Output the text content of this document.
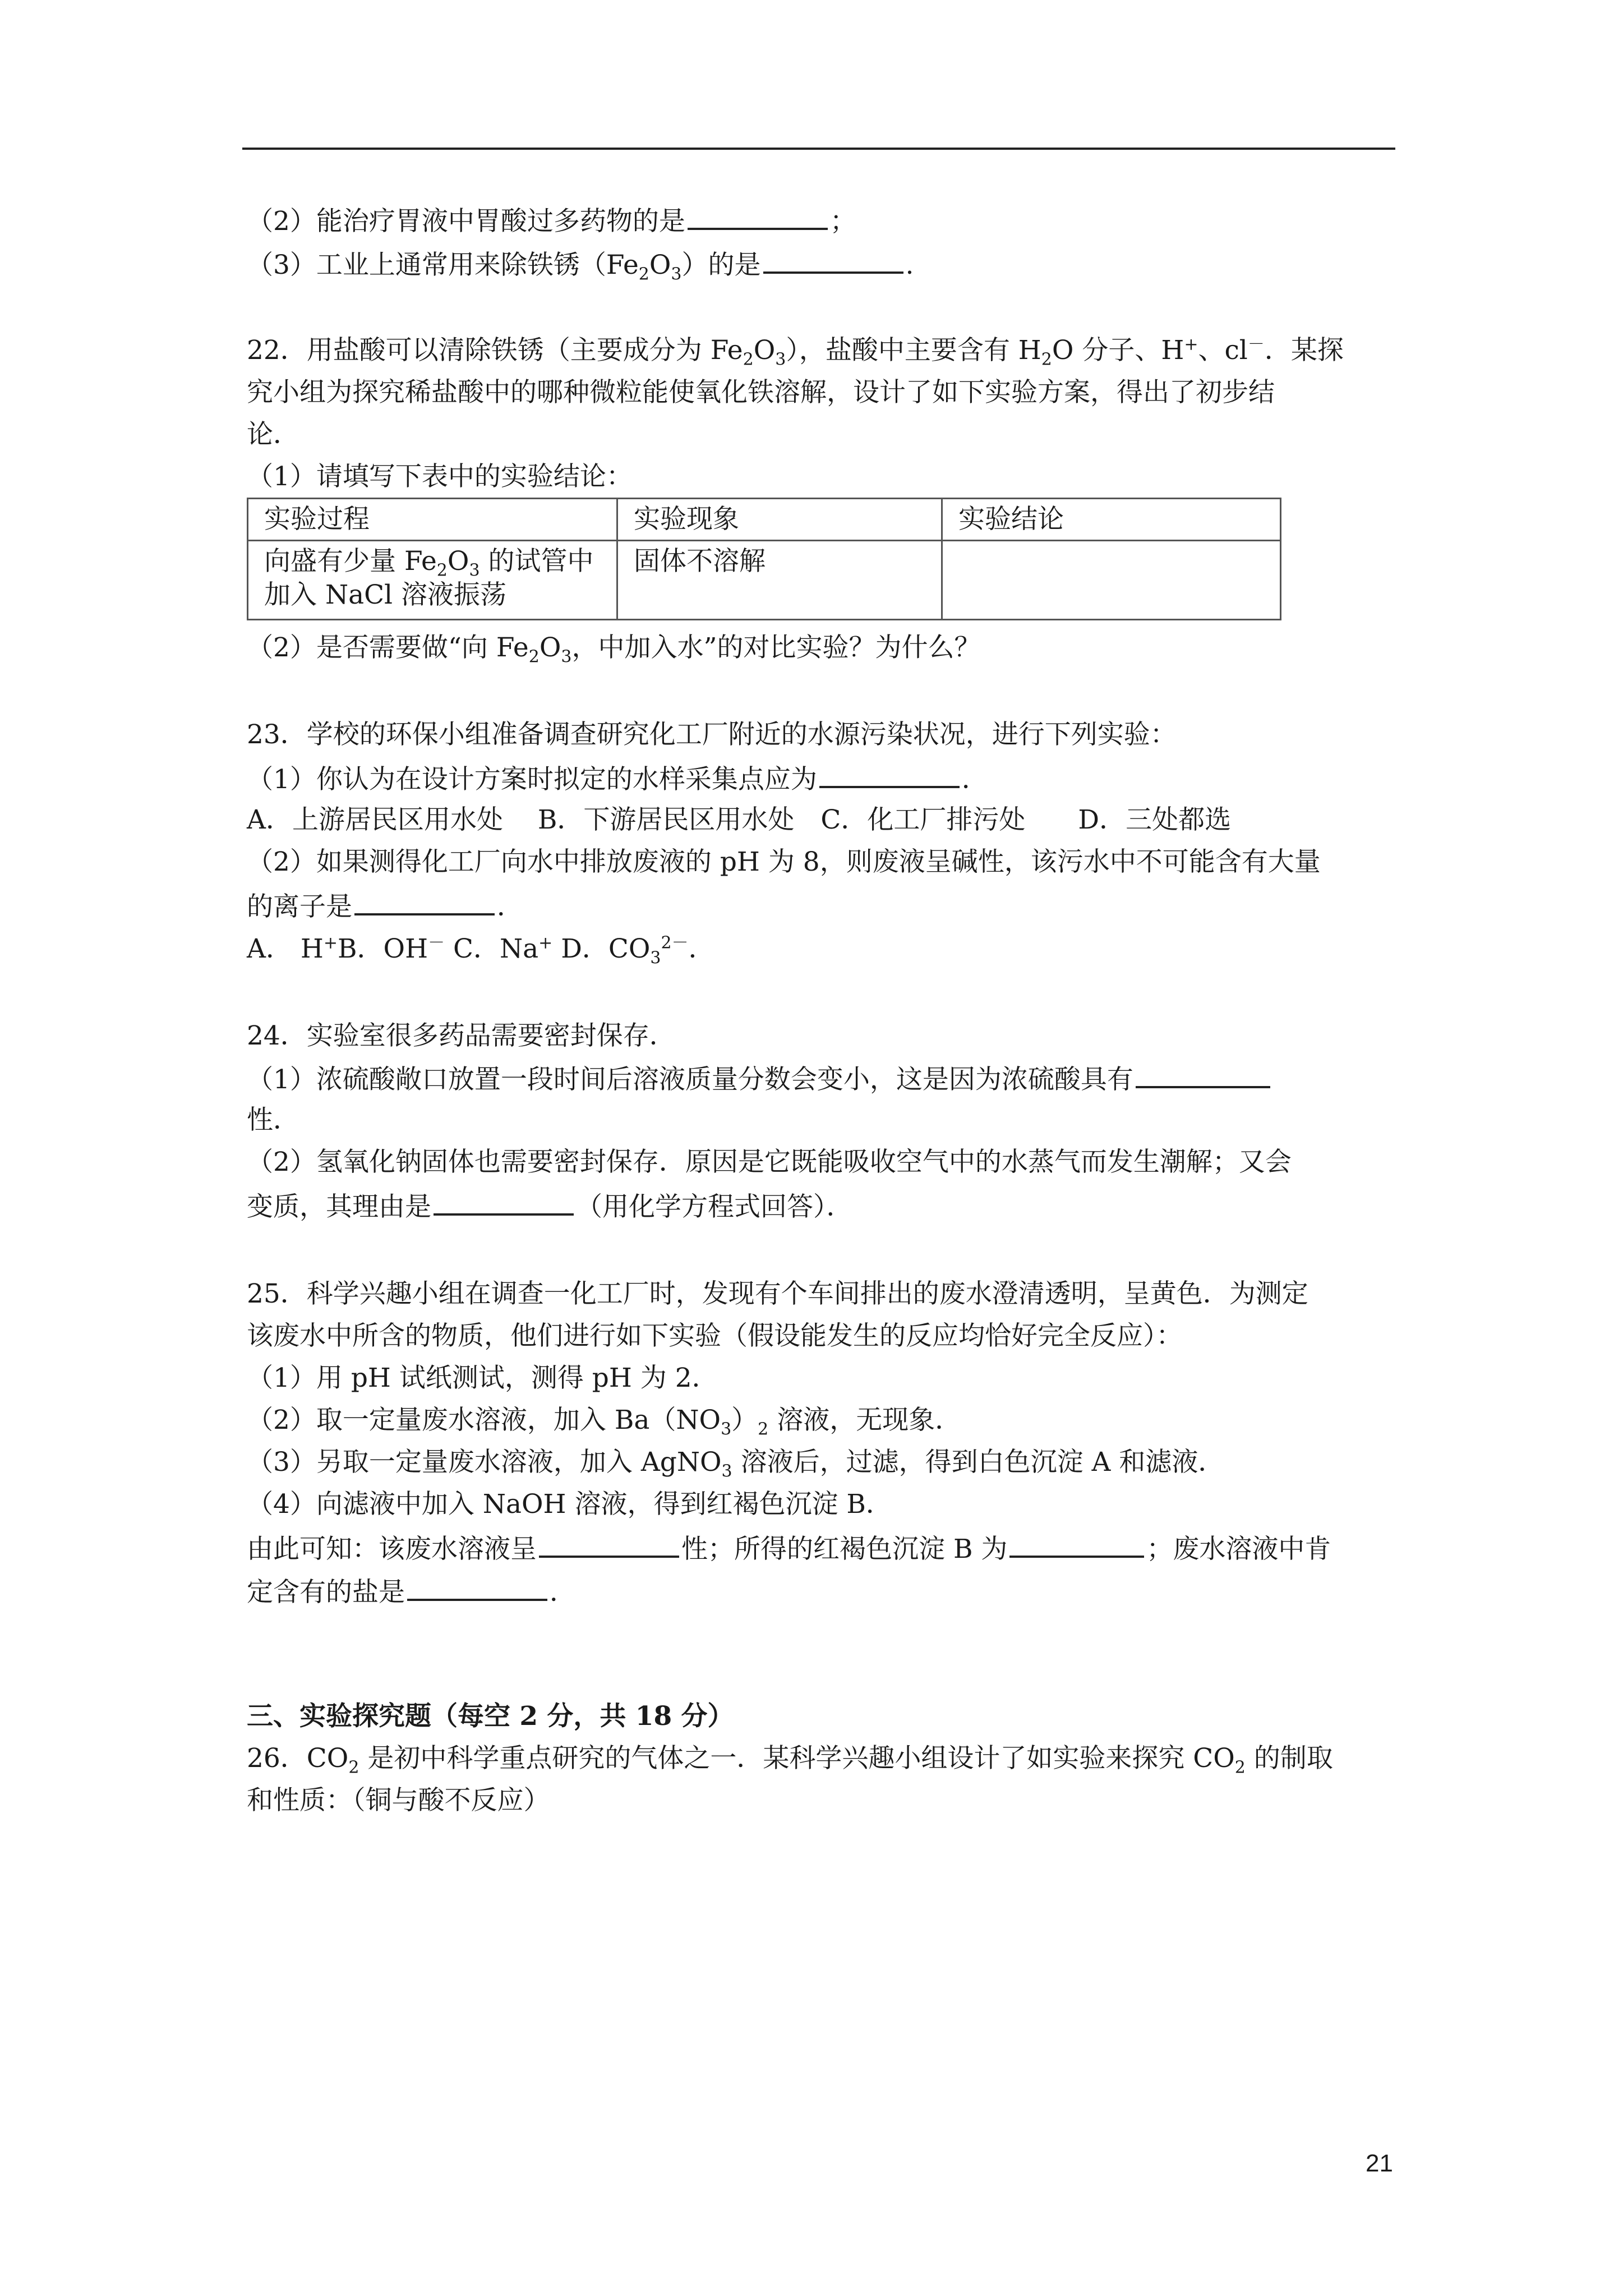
（2）能治疗胃液中胃酸过多药物的是	；
（3）工业上通常用来除铁锈$(Fe_2O_3)$的是	.
22．用盐酸可以清除铁锈（主要成分为 $Fe_2O_3$），盐酸中主要含有 $H_2O$ 分子、H+、cl－．某探
究小组为探究稀盐酸中的哪种微粒能使氧化铁溶解，设计了如下实验方案，得出了初步结
论．
（1）请填写下表中的实验结论：
实验过程	实验现象	实验结论
向盛有少量 $Fe_2O_3$ 的试管中
加入 NaCl 溶液振荡	固体不溶解	
（2）是否需要做“向 $Fe_2O_3$，中加入水”的对比实验？为什么？
23．学校的环保小组准备调查研究化工厂附近的水源污染状况，进行下列实验：
（1）你认为在设计方案时拟定的水样采集点应为	．
A．上游居民区用水处　 B．下游居民区用水处　C．化工厂排污处　　D．三处都选
（2）如果测得化工厂向水中排放废液的 pH 为 8，则废液呈碱性，该污水中不可能含有大量
的离子是	．
A． H+B．OH－ C．Na+ D．$CO_3^{2-}$．
24．实验室很多药品需要密封保存．
（1）浓硫酸敞口放置一段时间后溶液质量分数会变小，这是因为浓硫酸具有
性．
（2）氢氧化钠固体也需要密封保存．原因是它既能吸收空气中的水蒸气而发生潮解；又会
变质，其理由是	（用化学方程式回答）．
25．科学兴趣小组在调查一化工厂时，发现有个车间排出的废水澄清透明，呈黄色．为测定
该废水中所含的物质，他们进行如下实验（假设能发生的反应均恰好完全反应）：
（1）用 pH 试纸测试，测得 pH 为 2．
（2）取一定量废水溶液，加入 $Ba(NO_3)_2$ 溶液，无现象．
（3）另取一定量废水溶液，加入 AgNO$_3$ 溶液后，过滤，得到白色沉淀 A 和滤液．
（4）向滤液中加入 NaOH 溶液，得到红褐色沉淀 B．
由此可知：该废水溶液呈	性；所得的红褐色沉淀 B 为	；废水溶液中肯
定含有的盐是	．
三、实验探究题（每空 2 分，共 18 分）
26．$CO_2$ 是初中科学重点研究的气体之一．某科学兴趣小组设计了如实验来探究 $CO_2$ 的制取
和性质：（铜与酸不反应）
21
